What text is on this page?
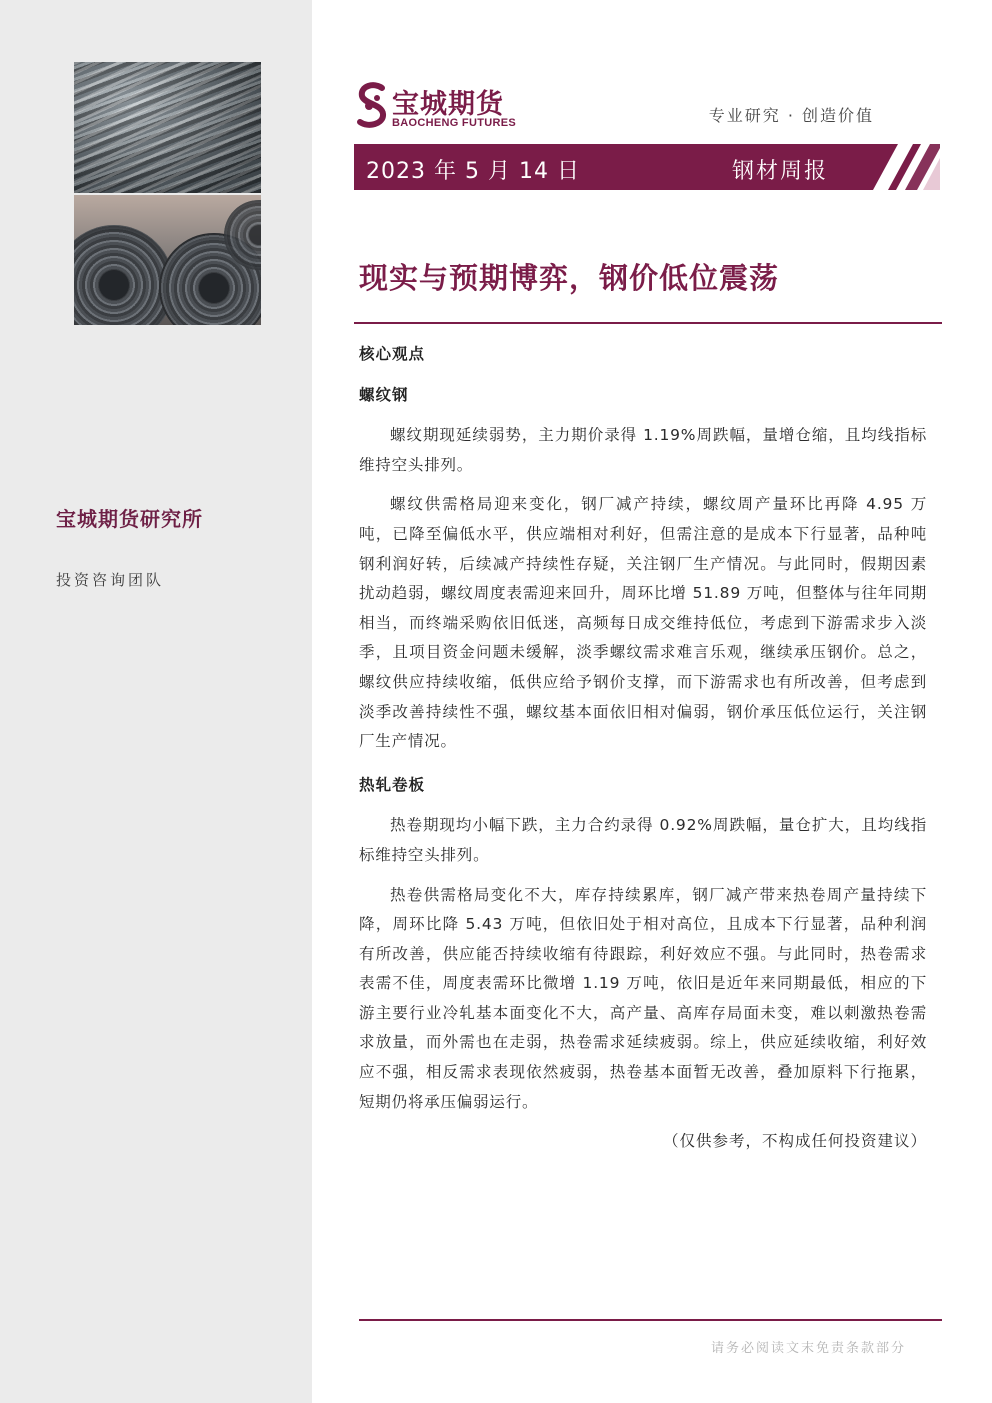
宝城期货研究所
投资咨询团队
宝城期货
BAOCHENG FUTURES	专业研究 · 创造价值
2023 年 5 月 14 日	钢材周报
现实与预期博弈，钢价低位震荡
核心观点
螺纹钢

螺纹期现延续弱势，主力期价录得 1.19%周跌幅，量增仓缩，且均线指标维持空头排列。

螺纹供需格局迎来变化，钢厂减产持续，螺纹周产量环比再降 4.95 万吨，已降至偏低水平，供应端相对利好，但需注意的是成本下行显著，品种吨钢利润好转，后续减产持续性存疑，关注钢厂生产情况。与此同时，假期因素扰动趋弱，螺纹周度表需迎来回升，周环比增 51.89 万吨，但整体与往年同期相当，而终端采购依旧低迷，高频每日成交维持低位，考虑到下游需求步入淡季，且项目资金问题未缓解，淡季螺纹需求难言乐观，继续承压钢价。总之，螺纹供应持续收缩，低供应给予钢价支撑，而下游需求也有所改善，但考虑到淡季改善持续性不强，螺纹基本面依旧相对偏弱，钢价承压低位运行，关注钢厂生产情况。

热轧卷板

热卷期现均小幅下跌，主力合约录得 0.92%周跌幅，量仓扩大，且均线指标维持空头排列。

热卷供需格局变化不大，库存持续累库，钢厂减产带来热卷周产量持续下降，周环比降 5.43 万吨，但依旧处于相对高位，且成本下行显著，品种利润有所改善，供应能否持续收缩有待跟踪，利好效应不强。与此同时，热卷需求表需不佳，周度表需环比微增 1.19 万吨，依旧是近年来同期最低，相应的下游主要行业冷轧基本面变化不大，高产量、高库存局面未变，难以刺激热卷需求放量，而外需也在走弱，热卷需求延续疲弱。综上，供应延续收缩，利好效应不强，相反需求表现依然疲弱，热卷基本面暂无改善，叠加原料下行拖累，短期仍将承压偏弱运行。

（仅供参考，不构成任何投资建议）

请务必阅读文末免责条款部分
